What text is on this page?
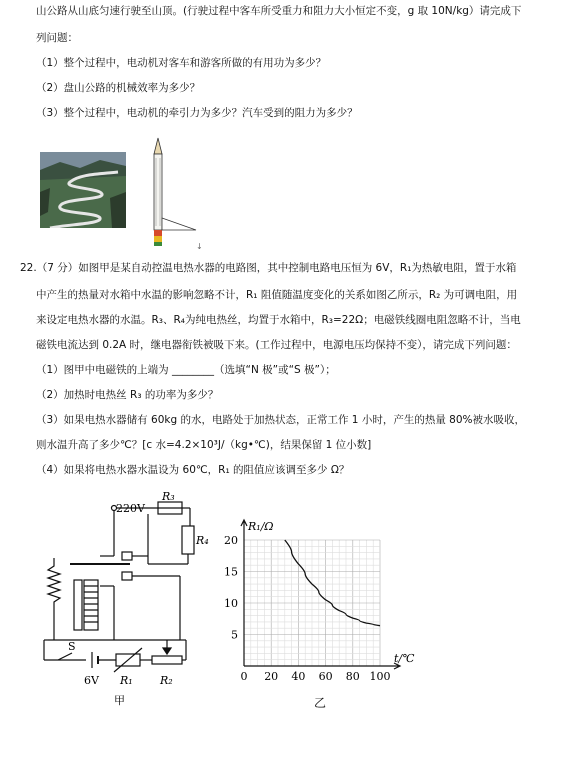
山公路从山底匀速行驶至山顶。(行驶过程中客车所受重力和阻力大小恒定不变，g 取 10N/kg）请完成下
列问题：
（1）整个过程中，电动机对客车和游客所做的有用功为多少？
（2）盘山公路的机械效率为多少？
（3）整个过程中，电动机的牵引力为多少？汽车受到的阻力为多少？
↓
22.（7 分）如图甲是某自动控温电热水器的电路图，其中控制电路电压恒为 6V，R₁为热敏电阻，置于水箱
中产生的热量对水箱中水温的影响忽略不计，R₁ 阻值随温度变化的关系如图乙所示，R₂ 为可调电阻，用
来设定电热水器的水温。R₃、R₄为纯电热丝，均置于水箱中，R₃=22Ω；电磁铁线圈电阻忽略不计，当电
磁铁电流达到 0.2A 时，继电器衔铁被吸下来。(工作过程中，电源电压均保持不变），请完成下列问题：
（1）图甲中电磁铁的上端为 ________（选填“N 极”或“S 极”）；
（2）加热时电热丝 R₃ 的功率为多少？
（3）如果电热水器储有 60kg 的水，电路处于加热状态，正常工作 1 小时，产生的热量 80%被水吸收，
则水温升高了多少℃？[c 水=4.2×10³J/（kg•℃)，结果保留 1 位小数]
（4）如果将电热水器水温设为 60℃，R₁ 的阻值应该调至多少 Ω？
220V
R₃
R₄
S
6V R₁ R₂
甲
0 20 40 60 80 100
5
10
15
20
R₁/Ω
t/℃
乙
